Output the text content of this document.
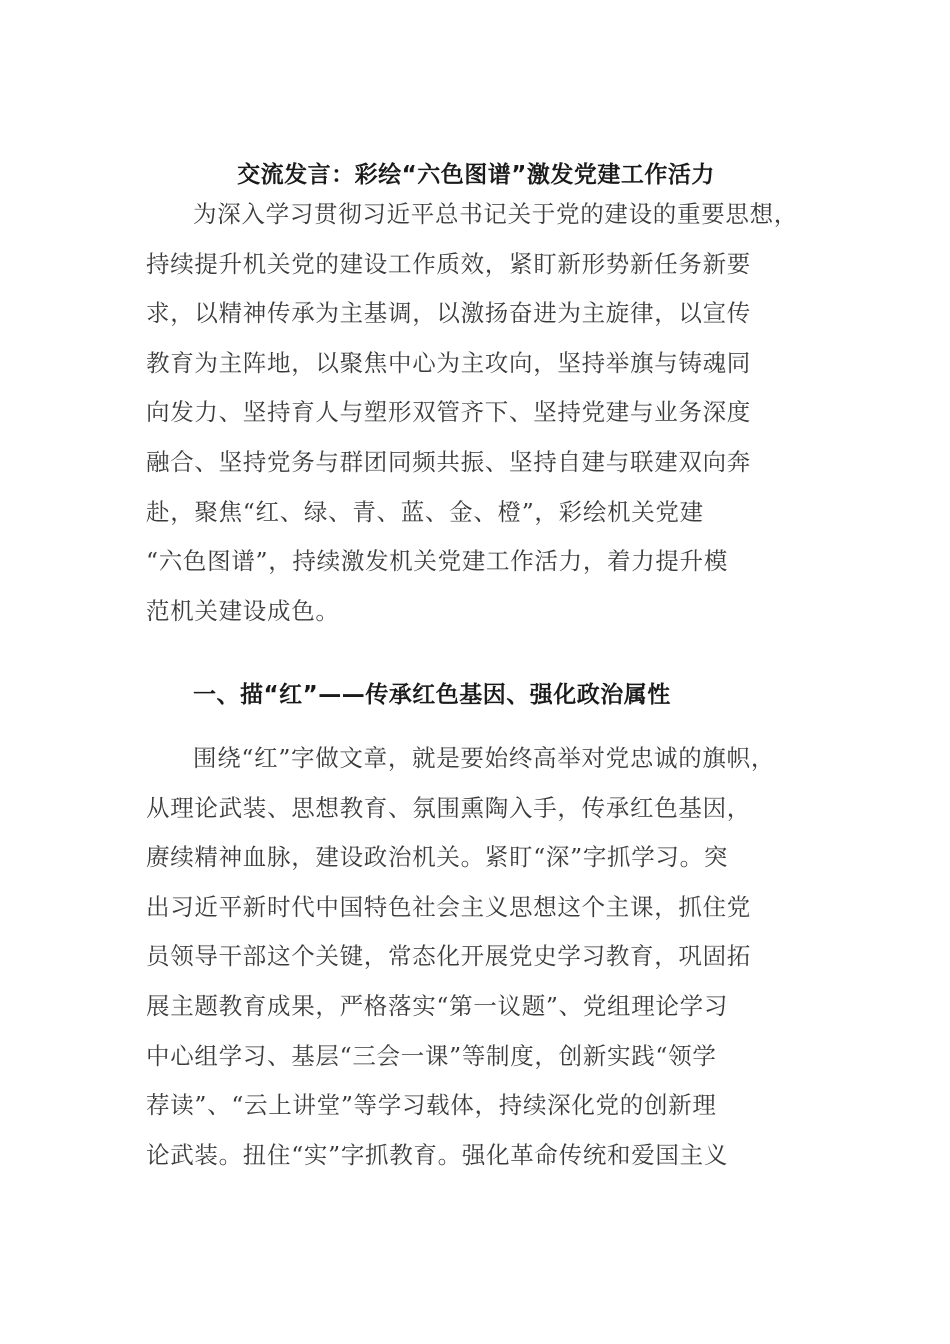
交流发言：彩绘“六色图谱”激发党建工作活力
为深入学习贯彻习近平总书记关于党的建设的重要思想，
持续提升机关党的建设工作质效，紧盯新形势新任务新要
求，以精神传承为主基调，以激扬奋进为主旋律，以宣传
教育为主阵地，以聚焦中心为主攻向，坚持举旗与铸魂同
向发力、坚持育人与塑形双管齐下、坚持党建与业务深度
融合、坚持党务与群团同频共振、坚持自建与联建双向奔
赴，聚焦“红、绿、青、蓝、金、橙”，彩绘机关党建
“六色图谱”，持续激发机关党建工作活力，着力提升模
范机关建设成色。
一、描“红”——传承红色基因、强化政治属性
围绕“红”字做文章，就是要始终高举对党忠诚的旗帜，
从理论武装、思想教育、氛围熏陶入手，传承红色基因，
赓续精神血脉，建设政治机关。紧盯“深”字抓学习。突
出习近平新时代中国特色社会主义思想这个主课，抓住党
员领导干部这个关键，常态化开展党史学习教育，巩固拓
展主题教育成果，严格落实“第一议题”、党组理论学习
中心组学习、基层“三会一课”等制度，创新实践“领学
荐读”、“云上讲堂”等学习载体，持续深化党的创新理
论武装。扭住“实”字抓教育。强化革命传统和爱国主义
